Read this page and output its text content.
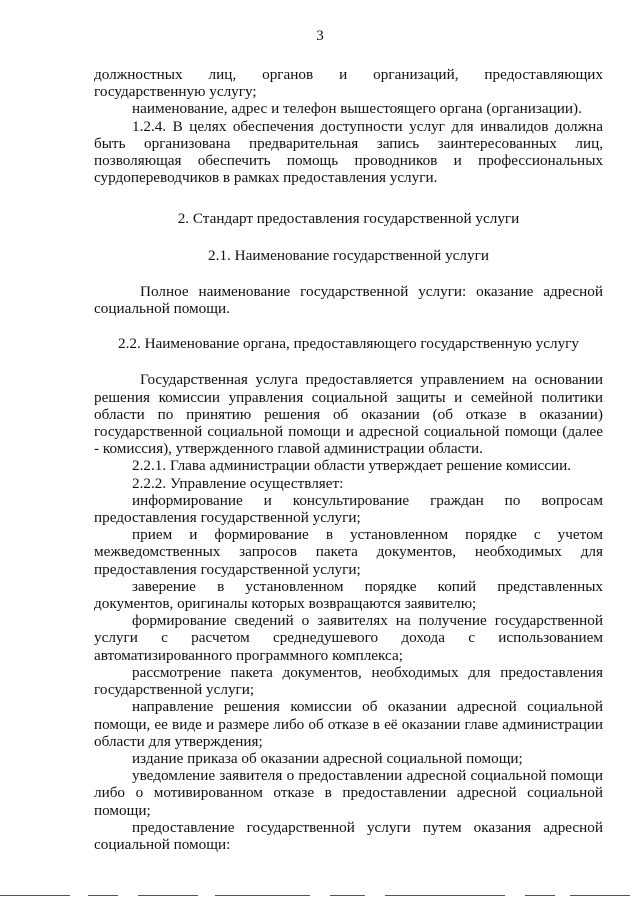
3

должностных лиц, органов и организаций, предоставляющих

государственную услугу;

наименование, адрес и телефон вышестоящего органа (организации).

1.2.4. В целях обеспечения доступности услуг для инвалидов должна

быть организована предварительная запись заинтересованных лиц,

позволяющая обеспечить помощь проводников и профессиональных

сурдопереводчиков в рамках предоставления услуги.

2. Стандарт предоставления государственной услуги

2.1. Наименование государственной услуги

Полное наименование государственной услуги: оказание адресной

социальной помощи.

2.2. Наименование органа, предоставляющего государственную услугу

Государственная услуга предоставляется управлением на основании

решения комиссии управления социальной защиты и семейной политики

области по принятию решения об оказании (об отказе в оказании)

государственной социальной помощи и адресной социальной помощи (далее

- комиссия), утвержденного главой администрации области.

2.2.1. Глава администрации области утверждает решение комиссии.

2.2.2. Управление осуществляет:

информирование и консультирование граждан по вопросам

предоставления государственной услуги;

прием и формирование в установленном порядке с учетом

межведомственных запросов пакета документов, необходимых для

предоставления государственной услуги;

заверение в установленном порядке копий представленных

документов, оригиналы которых возвращаются заявителю;

формирование сведений о заявителях на получение государственной

услуги с расчетом среднедушевого дохода с использованием

автоматизированного программного комплекса;

рассмотрение пакета документов, необходимых для предоставления

государственной услуги;

направление решения комиссии об оказании адресной социальной

помощи, ее виде и размере либо об отказе в её оказании главе администрации

области для утверждения;

издание приказа об оказании адресной социальной помощи;

уведомление заявителя о предоставлении адресной социальной помощи

либо о мотивированном отказе в предоставлении адресной социальной

помощи;

предоставление государственной услуги путем оказания адресной

социальной помощи:
